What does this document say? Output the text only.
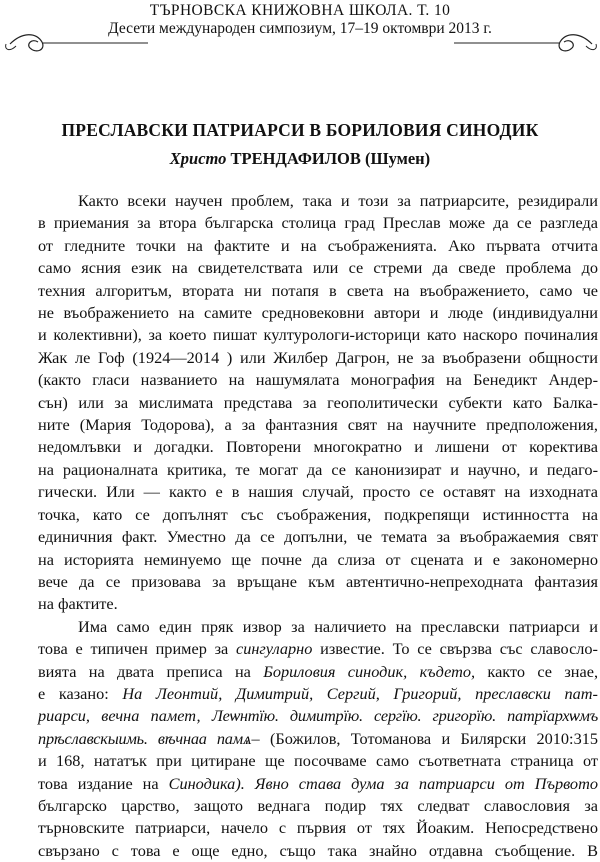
ТЪРНОВСКА КНИЖОВНА ШКОЛА. Т. 10
Десети международен симпозиум, 17–19 октомври 2013 г.
ПРЕСЛАВСКИ ПАТРИАРСИ В БОРИЛОВИЯ СИНОДИК
Христо ТРЕНДАФИЛОВ (Шумен)
Както всеки научен проблем, така и този за патриарсите, резидирали
в приемания за втора българска столица град Преслав може да се разгледа
от гледните точки на фактите и на съображенията. Ако първата отчита
само ясния език на свидетелствата или се стреми да сведе проблема до
техния алгоритъм, втората ни потапя в света на въображението, само че
не въображението на самите средновековни автори и люде (индивидуални
и колективни), за което пишат културологи-историци като наскоро починалия
Жак ле Гоф (1924—2014 ) или Жилбер Дагрон, не за въобразени общности
(както гласи названието на нашумялата монография на Бенедикт Андер-
сън) или за мислимата представа за геополитически субекти като Балка-
ните (Мария Тодорова), а за фантазния свят на научните предположения,
недомлъвки и догадки. Повторени многократно и лишени от коректива
на рационалната критика, те могат да се канонизират и научно, и педаго-
гически. Или — както е в нашия случай, просто се оставят на изходната
точка, като се допълнят със съображения, подкрепящи истинността на
единичния факт. Уместно да се допълни, че темата за въображаемия свят
на историята неминуемо ще почне да слиза от сцената и е закономерно
вече да се призовава за връщане към автентично-непреходната фантазия
на фактите.
Има само един пряк извор за наличието на преславски патриарси и
това е типичен пример за сингуларно известие. То се свързва със славосло-
вията на двата преписа на Бориловия синодик, където, както се знае,
е казано: На Леонтий, Димитрий, Сергий, Григорий, преславски пат-
риарси, вечна памет, Леѡнтїю. димитрїю. сергїю. григорїю. патрїархѡмъ
прѣславскыимь. вѣчнаа памѧ– (Божилов, Тотоманова и Билярски 2010:315
и 168, нататък при цитиране ще посочваме само съответната страница от
това издание на Синодика). Явно става дума за патриарси от Първото
българско царство, защото веднага подир тях следват славословия за
търновските патриарси, начело с първия от тях Йоаким. Непосредствено
свързано с това е още едно, също така знайно отдавна съобщение. В
